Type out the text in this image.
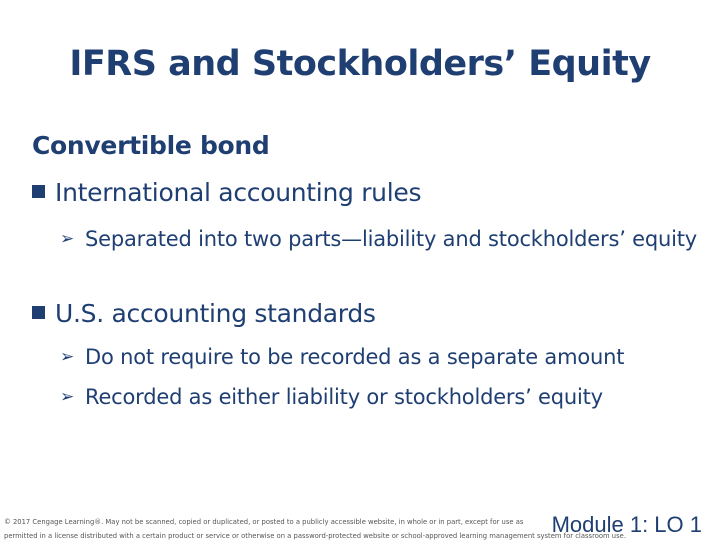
IFRS and Stockholders’ Equity
Convertible bond
International accounting rules
➢ Separated into two parts—liability and stockholders’ equity
U.S. accounting standards
➢ Do not require to be recorded as a separate amount
➢ Recorded as either liability or stockholders’ equity
© 2017 Cengage Learning®. May not be scanned, copied or duplicated, or posted to a publicly accessible website, in whole or in part, except for use as
permitted in a license distributed with a certain product or service or otherwise on a password-protected website or school-approved learning management system for classroom use.
Module 1: LO 1
